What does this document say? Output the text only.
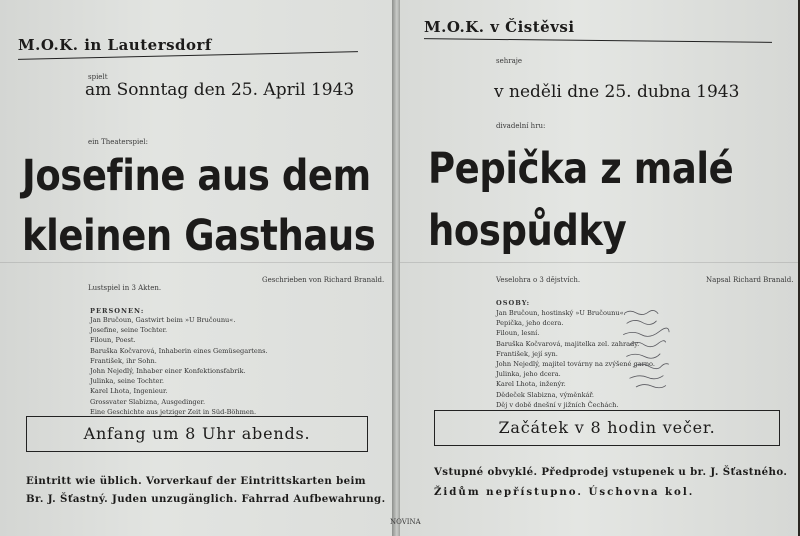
M.O.K. in Lautersdorf
spielt
am Sonntag den 25. April 1943
ein Theaterspiel:
Josefine aus dem
kleinen Gasthaus
Lustspiel in 3 Akten.
Geschrieben von Richard Branald.
PERSONEN:
Jan Bručoun, Gastwirt beim »U Bručounu«.
Josefine, seine Tochter.
Filoun, Poest.
Baruška Kočvarová, Inhaberin eines Gemüsegartens.
František, ihr Sohn.
John Nejedlý, Inhaber einer Konfektionsfabrik.
Julinka, seine Tochter.
Karel Lhota, Ingenieur.
Grossvater Slabizna, Ausgedinger.
Eine Geschichte aus jetziger Zeit in Süd-Böhmen.
Anfang um 8 Uhr abends.
Eintritt wie üblich. Vorverkauf der Eintrittskarten beim
Br. J. Šťastný. Juden unzugänglich. Fahrrad Aufbewahrung.
M.O.K. v Čistěvsi
sehraje
v neděli dne 25. dubna 1943
divadelní hru:
Pepička z malé
hospůdky
Veselohra o 3 dějstvích.	Napsal Richard Branald.
OSOBY:
Jan Bručoun, hostinský »U Bručounu«.
Pepička, jeho dcera.
Filoun, lesní.
Baruška Kočvarová, majitelka zel. zahrady.
František, její syn.
John Nejedlý, majitel továrny na zvýšené garno.
Julinka, jeho dcera.
Karel Lhota, inženýr.
Dědeček Slabizna, výměnkář.
Děj v době dnešní v jižních Čechách.
Začátek v 8 hodin večer.
Vstupné obvyklé. Předprodej vstupenek u br. J. Šťastného.
Židům nepřístupno. Úschovna kol.
NOVINA
